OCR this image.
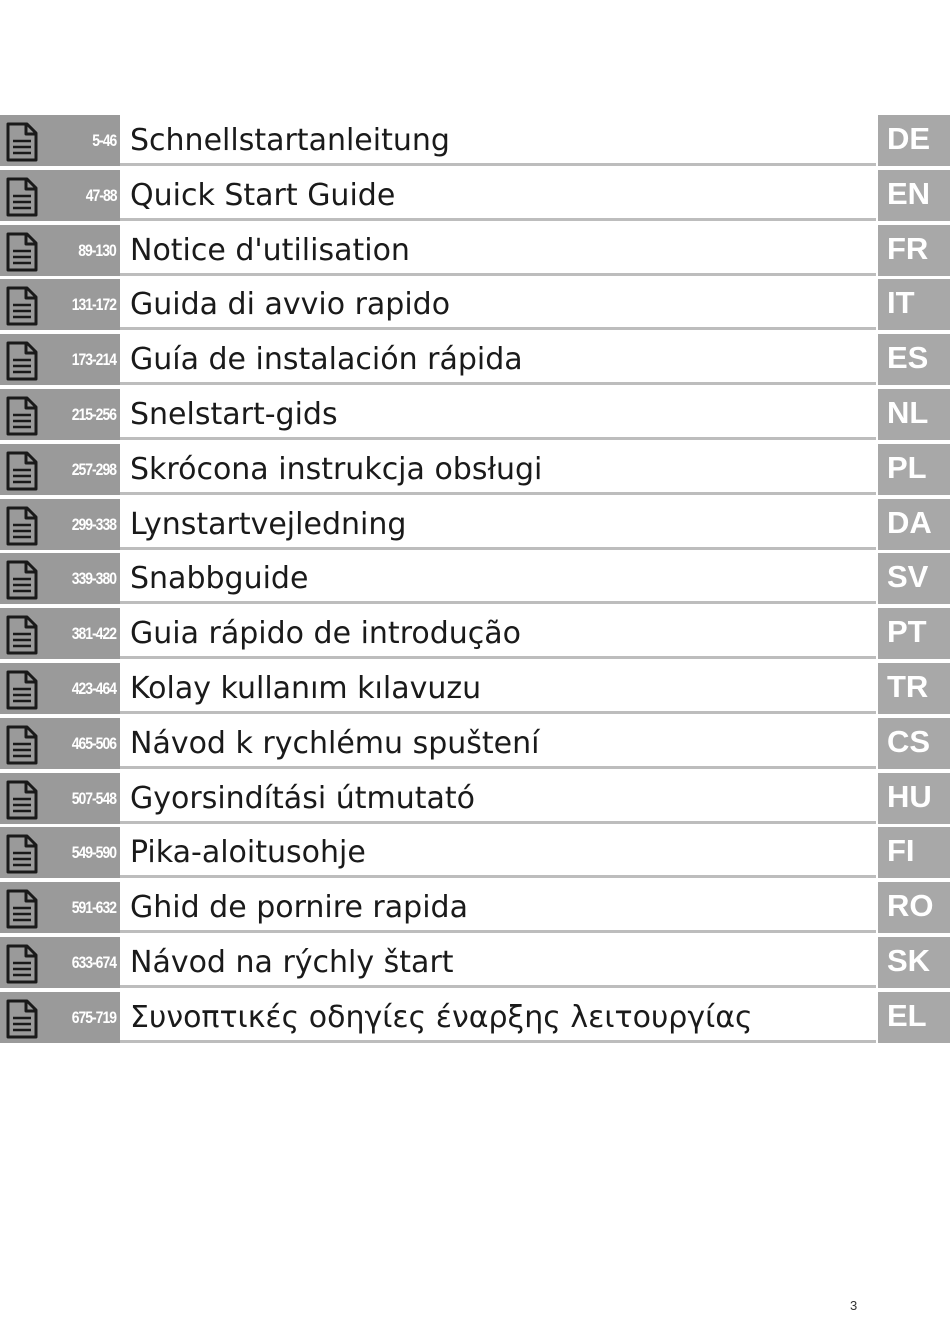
5-46 Schnellstartanleitung	DE
47-88 Quick Start Guide	EN
89-130 Notice d'utilisation	FR
131-172 Guida di avvio rapido	IT
173-214 Guía de instalación rápida	ES
215-256 Snelstart-gids	NL
257-298 Skrócona instrukcja obsługi	PL
299-338 Lynstartvejledning	DA
339-380 Snabbguide	SV
381-422 Guia rápido de introdução	PT
423-464 Kolay kullanım kılavuzu	TR
465-506 Návod k rychlému spuštení	CS
507-548 Gyorsindítási útmutató	HU
549-590 Pika-aloitusohje	FI
591-632 Ghid de pornire rapida	RO
633-674 Návod na rýchly štart	SK
675-719 Συνοπτικές οδηγίες έναρξης λειτουργίας	EL
3
